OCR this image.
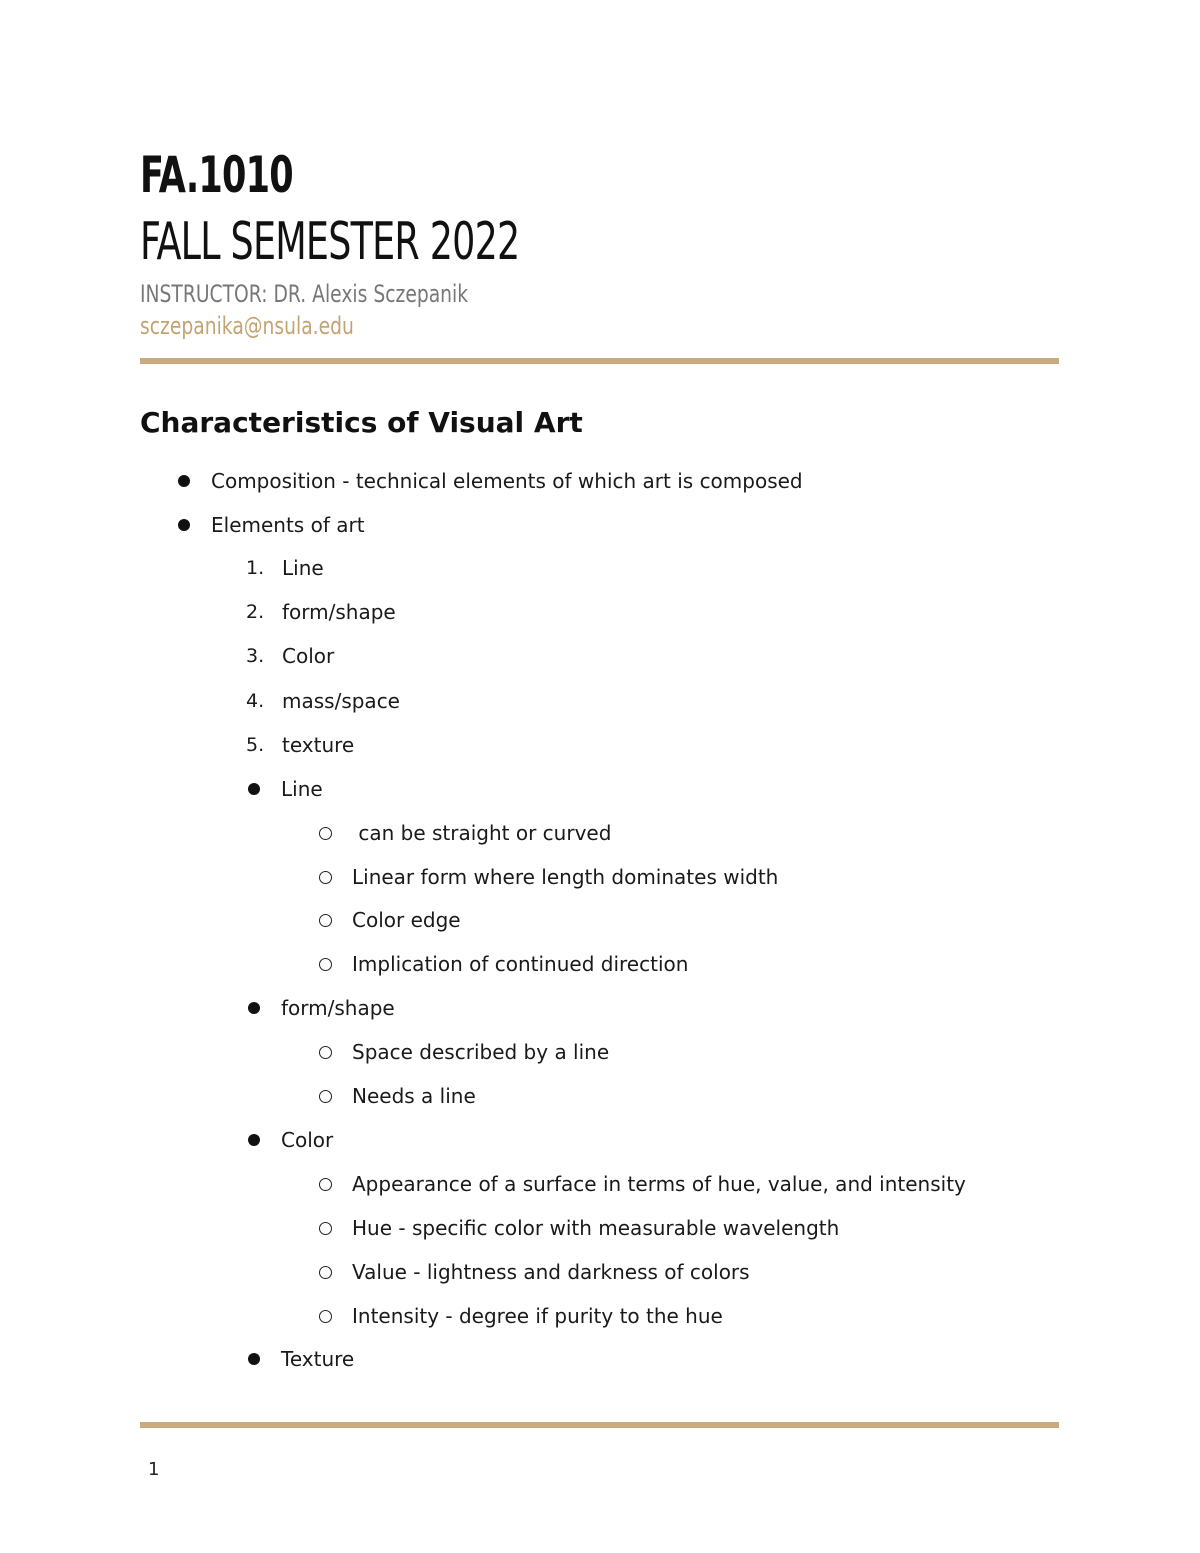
FA.1010
FALL SEMESTER 2022
INSTRUCTOR: DR. Alexis Sczepanik
sczepanika@nsula.edu
Characteristics of Visual Art
Composition - technical elements of which art is composed
Elements of art
1. Line
2. form/shape
3. Color
4. mass/space
5. texture
Line
can be straight or curved
Linear form where length dominates width
Color edge
Implication of continued direction
form/shape
Space described by a line
Needs a line
Color
Appearance of a surface in terms of hue, value, and intensity
Hue - specific color with measurable wavelength
Value - lightness and darkness of colors
Intensity - degree if purity to the hue
Texture
1
